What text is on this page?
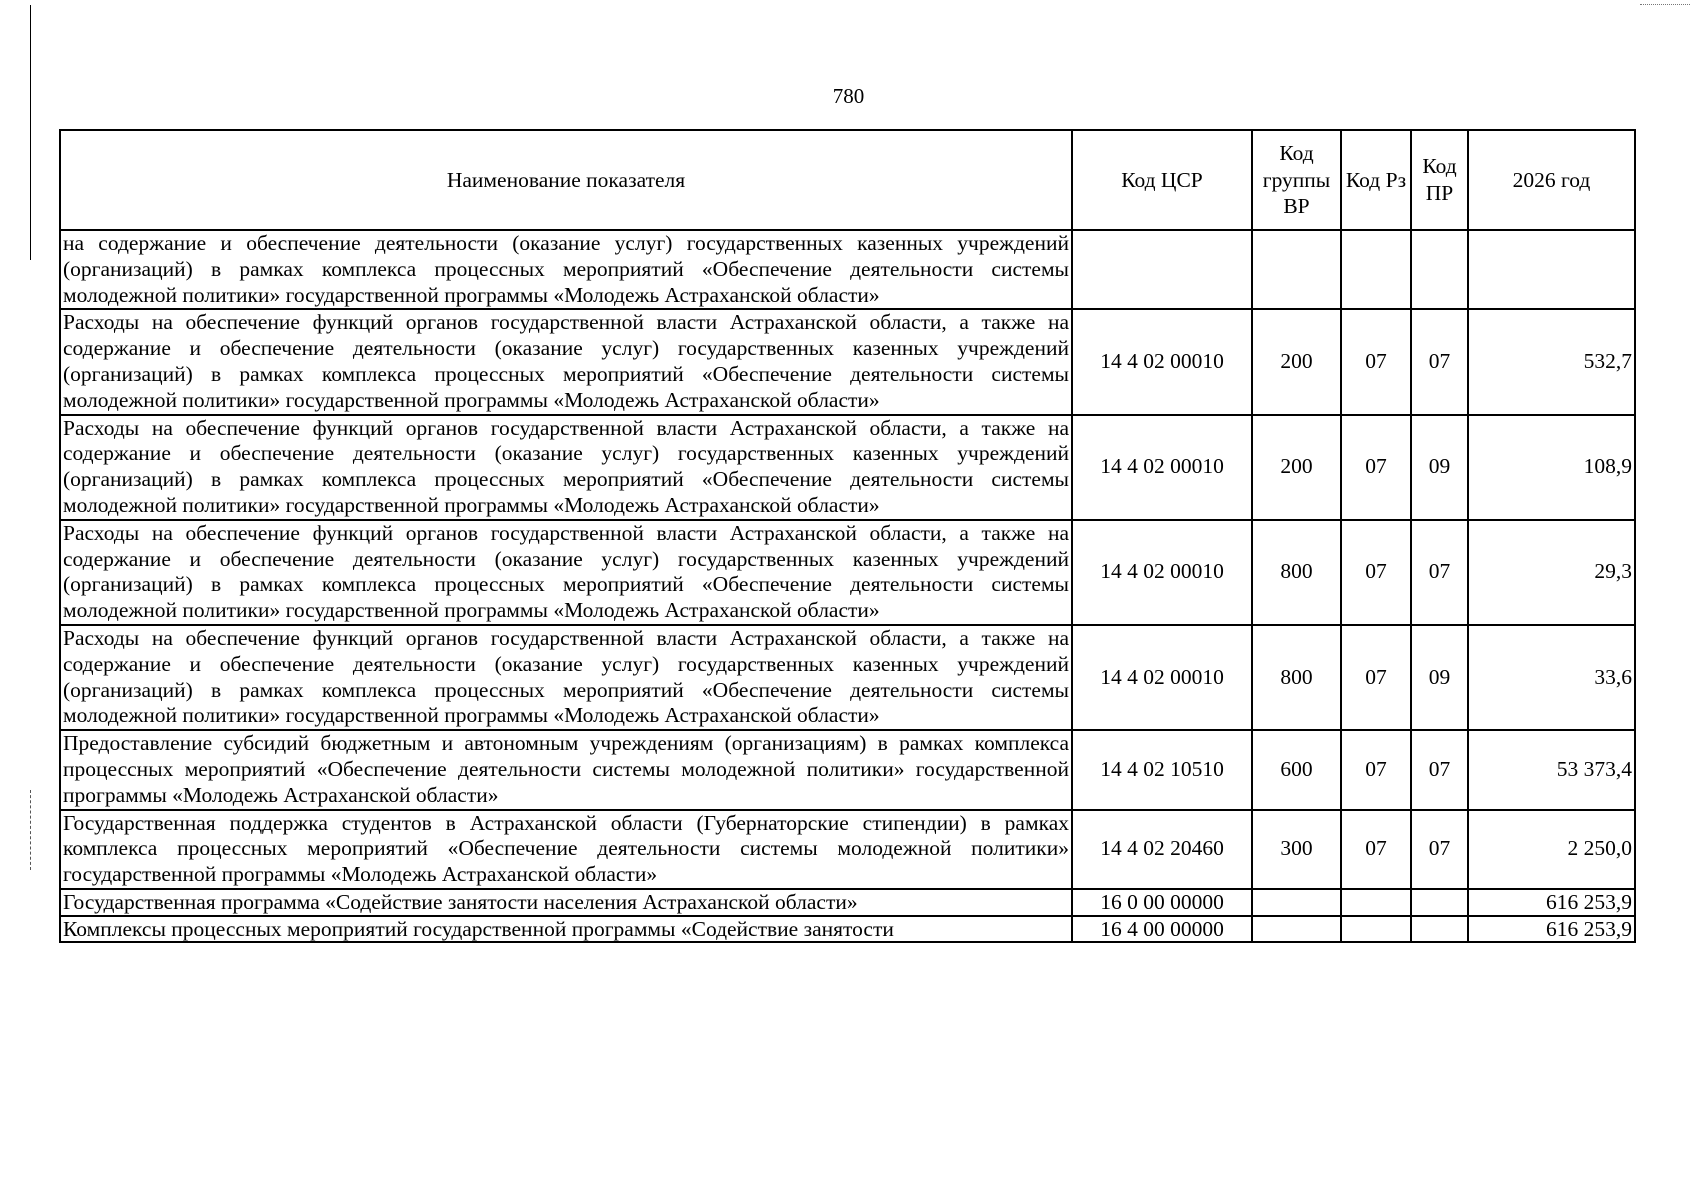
780
Наименование показателя	Код ЦСР	Код группы ВР	Код Рз	Код ПР	2026 год
на содержание и обеспечение деятельности (оказание услуг) государственных казенных учреждений (организаций) в рамках комплекса процессных мероприятий «Обеспечение деятельности системы молодежной политики» государственной программы «Молодежь Астраханской области»					
Расходы на обеспечение функций органов государственной власти Астраханской области, а также на содержание и обеспечение деятельности (оказание услуг) государственных казенных учреждений (организаций) в рамках комплекса процессных мероприятий «Обеспечение деятельности системы молодежной политики» государственной программы «Молодежь Астраханской области»	14 4 02 00010	200	07	07	532,7
Расходы на обеспечение функций органов государственной власти Астраханской области, а также на содержание и обеспечение деятельности (оказание услуг) государственных казенных учреждений (организаций) в рамках комплекса процессных мероприятий «Обеспечение деятельности системы молодежной политики» государственной программы «Молодежь Астраханской области»	14 4 02 00010	200	07	09	108,9
Расходы на обеспечение функций органов государственной власти Астраханской области, а также на содержание и обеспечение деятельности (оказание услуг) государственных казенных учреждений (организаций) в рамках комплекса процессных мероприятий «Обеспечение деятельности системы молодежной политики» государственной программы «Молодежь Астраханской области»	14 4 02 00010	800	07	07	29,3
Расходы на обеспечение функций органов государственной власти Астраханской области, а также на содержание и обеспечение деятельности (оказание услуг) государственных казенных учреждений (организаций) в рамках комплекса процессных мероприятий «Обеспечение деятельности системы молодежной политики» государственной программы «Молодежь Астраханской области»	14 4 02 00010	800	07	09	33,6
Предоставление субсидий бюджетным и автономным учреждениям (организациям) в рамках комплекса процессных мероприятий «Обеспечение деятельности системы молодежной политики» государственной программы «Молодежь Астраханской области»	14 4 02 10510	600	07	07	53 373,4
Государственная поддержка студентов в Астраханской области (Губернаторские стипендии) в рамках комплекса процессных мероприятий «Обеспечение деятельности системы молодежной политики» государственной программы «Молодежь Астраханской области»	14 4 02 20460	300	07	07	2 250,0
Государственная программа «Содействие занятости населения Астраханской области»	16 0 00 00000				616 253,9
Комплексы процессных мероприятий государственной программы «Содействие занятости	16 4 00 00000				616 253,9
